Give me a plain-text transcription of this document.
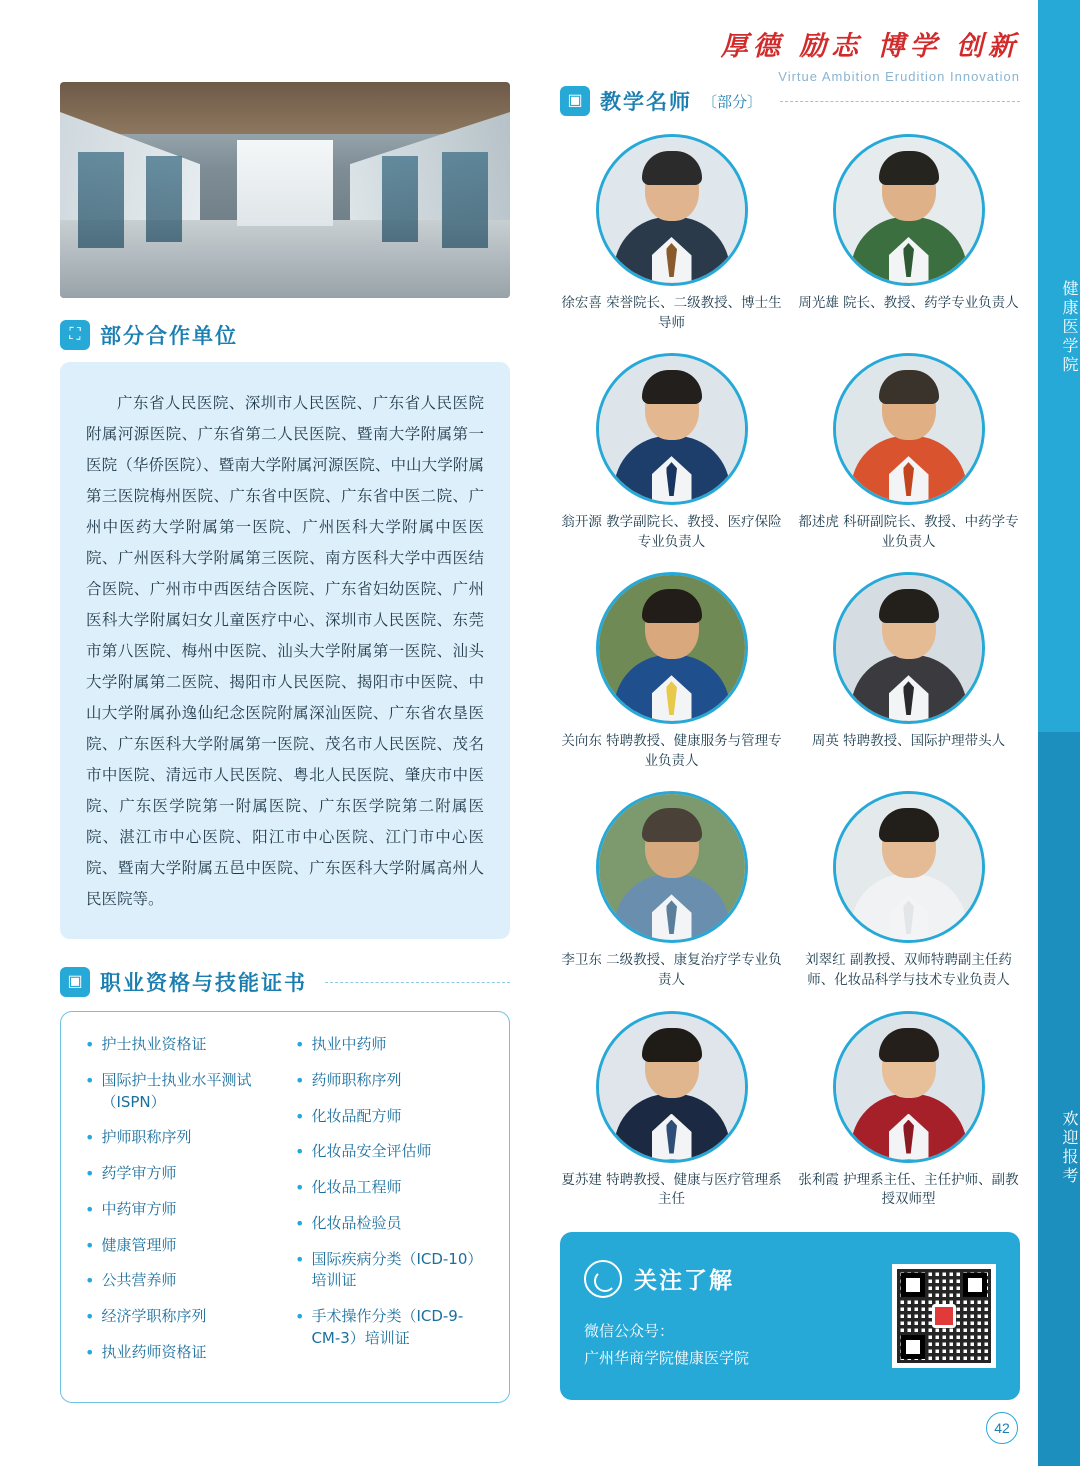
健康医学院
欢迎报考
厚德 励志 博学 创新
Virtue Ambition Erudition Innovation
⛶ 部分合作单位

广东省人民医院、深圳市人民医院、广东省人民医院附属河源医院、广东省第二人民医院、暨南大学附属第一医院（华侨医院）、暨南大学附属河源医院、中山大学附属第三医院梅州医院、广东省中医院、广东省中医二院、广州中医药大学附属第一医院、广州医科大学附属中医医院、广州医科大学附属第三医院、南方医科大学中西医结合医院、广州市中西医结合医院、广东省妇幼医院、广州医科大学附属妇女儿童医疗中心、深圳市人民医院、东莞市第八医院、梅州中医院、汕头大学附属第一医院、汕头大学附属第二医院、揭阳市人民医院、揭阳市中医院、中山大学附属孙逸仙纪念医院附属深汕医院、广东省农垦医院、广东医科大学附属第一医院、茂名市人民医院、茂名市中医院、清远市人民医院、粤北人民医院、肇庆市中医院、广东医学院第一附属医院、广东医学院第二附属医院、湛江市中心医院、阳江市中心医院、江门市中心医院、暨南大学附属五邑中医院、广东医科大学附属高州人民医院等。

▣ 职业资格与技能证书
• 护士执业资格证
• 国际护士执业水平测试（ISPN）
• 护师职称序列
• 药学审方师
• 中药审方师
• 健康管理师
• 公共营养师
• 经济学职称序列
• 执业药师资格证
• 执业中药师
• 药师职称序列
• 化妆品配方师
• 化妆品安全评估师
• 化妆品工程师
• 化妆品检验员
• 国际疾病分类（ICD-10）培训证
• 手术操作分类（ICD-9-CM-3）培训证
▣ 教学名师 〔部分〕
徐宏喜 荣誉院长、二级教授、博士生导师
周光雄 院长、教授、药学专业负责人
翁开源 教学副院长、教授、医疗保险专业负责人
都述虎 科研副院长、教授、中药学专业负责人
关向东 特聘教授、健康服务与管理专业负责人
周英 特聘教授、国际护理带头人
李卫东 二级教授、康复治疗学专业负责人
刘翠红 副教授、双师特聘副主任药师、化妆品科学与技术专业负责人
夏苏建 特聘教授、健康与医疗管理系主任
张利霞 护理系主任、主任护师、副教授双师型
关注了解
微信公众号：
广州华商学院健康医学院
42
